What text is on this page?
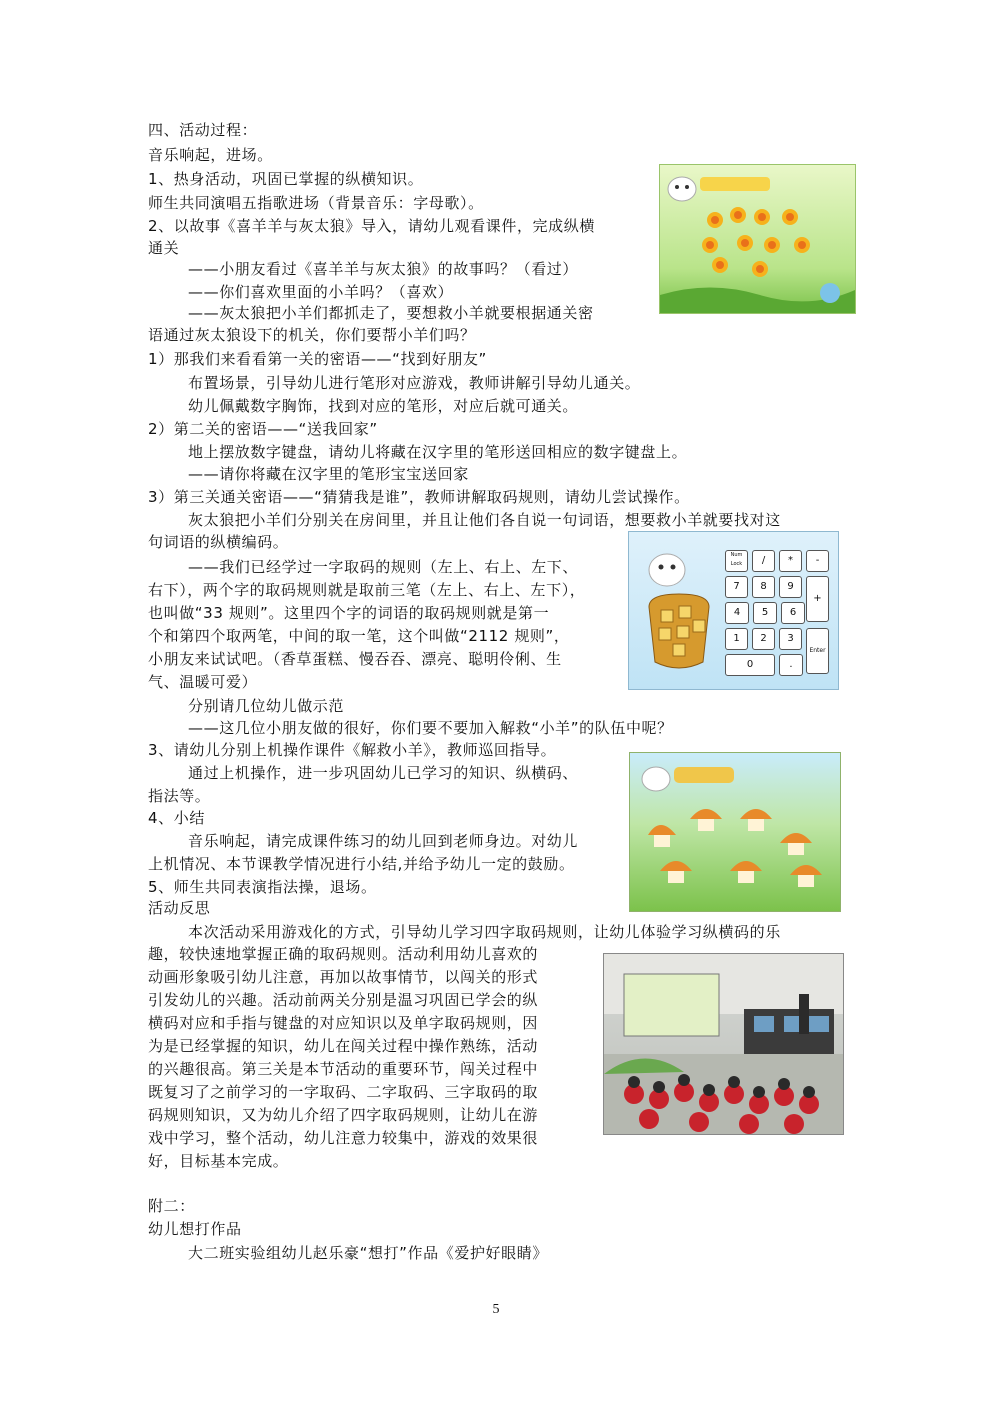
四、活动过程：
音乐响起，进场。
1、热身活动，巩固已掌握的纵横知识。
师生共同演唱五指歌进场（背景音乐：字母歌）。
2、以故事《喜羊羊与灰太狼》导入，请幼儿观看课件，完成纵横
通关
——小朋友看过《喜羊羊与灰太狼》的故事吗？（看过）
——你们喜欢里面的小羊吗？（喜欢）
——灰太狼把小羊们都抓走了，要想救小羊就要根据通关密
语通过灰太狼设下的机关，你们要帮小羊们吗？
1）那我们来看看第一关的密语——“找到好朋友”
布置场景，引导幼儿进行笔形对应游戏，教师讲解引导幼儿通关。
幼儿佩戴数字胸饰，找到对应的笔形，对应后就可通关。
2）第二关的密语——“送我回家”
地上摆放数字键盘，请幼儿将藏在汉字里的笔形送回相应的数字键盘上。
——请你将藏在汉字里的笔形宝宝送回家
3）第三关通关密语——“猜猜我是谁”，教师讲解取码规则，请幼儿尝试操作。
灰太狼把小羊们分别关在房间里，并且让他们各自说一句词语，想要救小羊就要找对这
句词语的纵横编码。
——我们已经学过一字取码的规则（左上、右上、左下、
右下），两个字的取码规则就是取前三笔（左上、右上、左下），
也叫做“33 规则”。这里四个字的词语的取码规则就是第一
个和第四个取两笔，中间的取一笔，这个叫做“2112 规则”，
小朋友来试试吧。（香草蛋糕、慢吞吞、漂亮、聪明伶俐、生
气、温暖可爱）
分别请几位幼儿做示范
——这几位小朋友做的很好，你们要不要加入解救“小羊”的队伍中呢？
3、请幼儿分别上机操作课件《解救小羊》，教师巡回指导。
通过上机操作，进一步巩固幼儿已学习的知识、纵横码、
指法等。
4、小结
音乐响起，请完成课件练习的幼儿回到老师身边。对幼儿
上机情况、本节课教学情况进行小结,并给予幼儿一定的鼓励。
5、师生共同表演指法操，退场。
活动反思
本次活动采用游戏化的方式，引导幼儿学习四字取码规则，让幼儿体验学习纵横码的乐
趣，较快速地掌握正确的取码规则。活动利用幼儿喜欢的
动画形象吸引幼儿注意，再加以故事情节，以闯关的形式
引发幼儿的兴趣。活动前两关分别是温习巩固已学会的纵
横码对应和手指与键盘的对应知识以及单字取码规则，因
为是已经掌握的知识，幼儿在闯关过程中操作熟练，活动
的兴趣很高。第三关是本节活动的重要环节，闯关过程中
既复习了之前学习的一字取码、二字取码、三字取码的取
码规则知识，又为幼儿介绍了四字取码规则，让幼儿在游
戏中学习，整个活动，幼儿注意力较集中，游戏的效果很
好，目标基本完成。
附二：
幼儿想打作品
大二班实验组幼儿赵乐豪“想打”作品《爱护好眼睛》
Num Lock	/	*	-
7	8	9
+
4	5	6
1	2	3
Enter
0	.
5
